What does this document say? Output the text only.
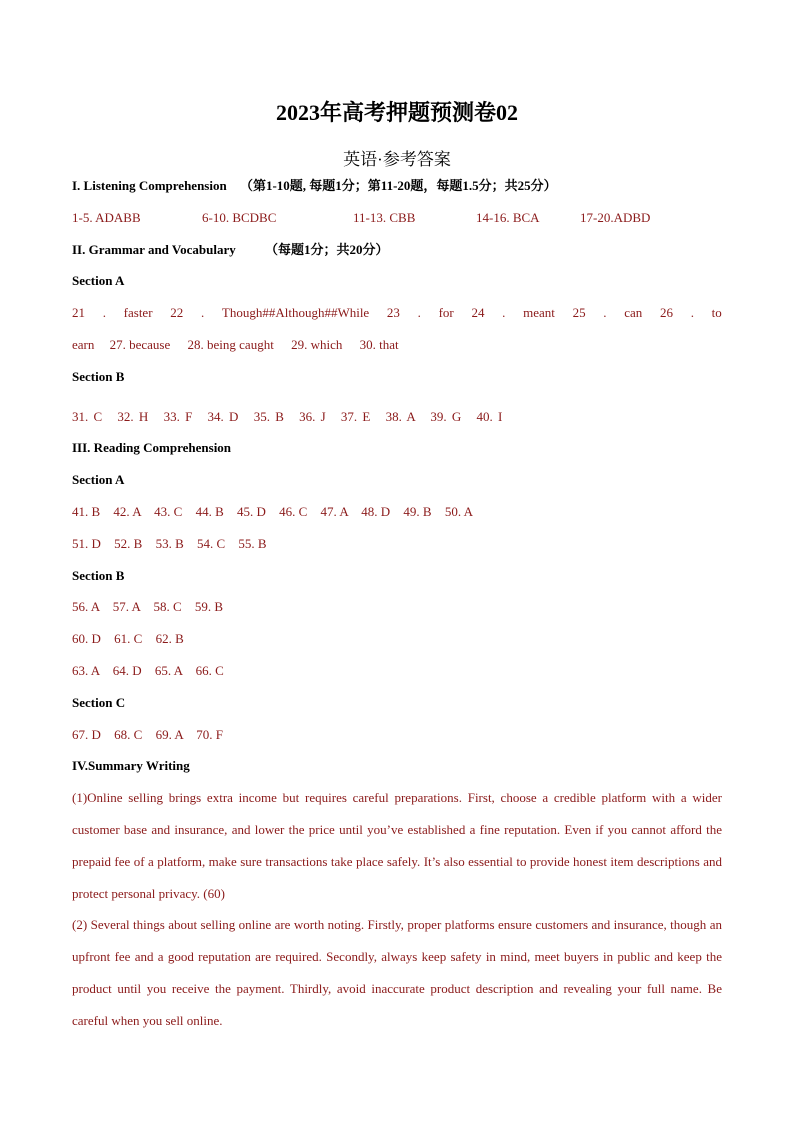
2023年高考押题预测卷02
英语·参考答案
I. Listening Comprehension （第1-10题, 每题1分；第11-20题，每题1.5分；共25分）
1-5. ADABB	6-10. BCDBC	11-13. CBB	14-16. BCA	17-20.ADBD
II. Grammar and Vocabulary （每题1分；共20分）
Section A
21 . faster 22 . Though##Although##While 23 . for 24 . meant 25 . can 26 . to
earn 27. because 28. being caught 29. which 30. that
Section B
31. C 32. H 33. F 34. D 35. B 36. J 37. E 38. A 39. G 40. I
III. Reading Comprehension
Section A
41. B 42. A 43. C 44. B 45. D 46. C 47. A 48. D 49. B 50. A
51. D 52. B 53. B 54. C 55. B
Section B
56. A 57. A 58. C 59. B
60. D 61. C 62. B
63. A 64. D 65. A 66. C
Section C
67. D 68. C 69. A 70. F
IV.Summary Writing
(1)Online selling brings extra income but requires careful preparations. First, choose a credible platform with a wider customer base and insurance, and lower the price until you’ve established a fine reputation. Even if you cannot afford the prepaid fee of a platform, make sure transactions take place safely. It’s also essential to provide honest item descriptions and protect personal privacy. (60)
(2) Several things about selling online are worth noting. Firstly, proper platforms ensure customers and insurance, though an upfront fee and a good reputation are required. Secondly, always keep safety in mind, meet buyers in public and keep the product until you receive the payment. Thirdly, avoid inaccurate product description and revealing your full name. Be careful when you sell online.
